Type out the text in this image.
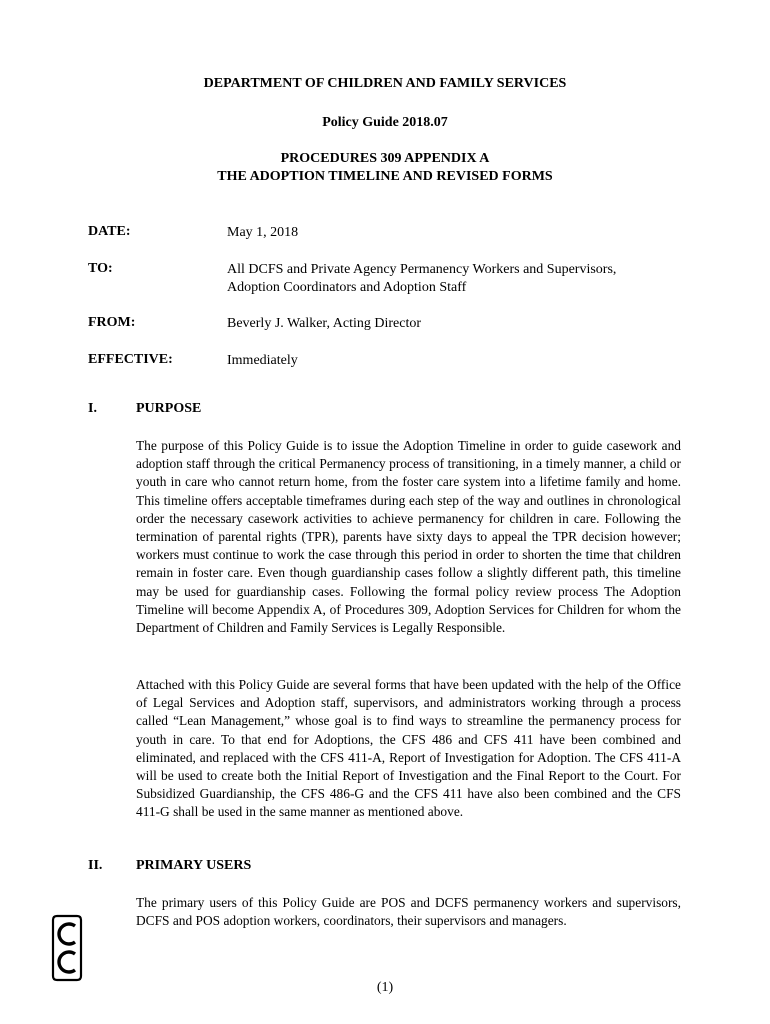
DEPARTMENT OF CHILDREN AND FAMILY SERVICES
Policy Guide 2018.07
PROCEDURES 309 APPENDIX A
THE ADOPTION TIMELINE AND REVISED FORMS
DATE:	May 1, 2018
TO:	All DCFS and Private Agency Permanency Workers and Supervisors,
Adoption Coordinators and Adoption Staff
FROM:	Beverly J. Walker, Acting Director
EFFECTIVE:	Immediately
I.	PURPOSE

The purpose of this Policy Guide is to issue the Adoption Timeline in order to guide casework and adoption staff through the critical Permanency process of transitioning, in a timely manner, a child or youth in care who cannot return home, from the foster care system into a lifetime family and home. This timeline offers acceptable timeframes during each step of the way and outlines in chronological order the necessary casework activities to achieve permanency for children in care. Following the termination of parental rights (TPR), parents have sixty days to appeal the TPR decision however; workers must continue to work the case through this period in order to shorten the time that children remain in foster care. Even though guardianship cases follow a slightly different path, this timeline may be used for guardianship cases. Following the formal policy review process The Adoption Timeline will become Appendix A, of Procedures 309, Adoption Services for Children for whom the Department of Children and Family Services is Legally Responsible.

Attached with this Policy Guide are several forms that have been updated with the help of the Office of Legal Services and Adoption staff, supervisors, and administrators working through a process called “Lean Management,” whose goal is to find ways to streamline the permanency process for youth in care. To that end for Adoptions, the CFS 486 and CFS 411 have been combined and eliminated, and replaced with the CFS 411-A, Report of Investigation for Adoption. The CFS 411-A will be used to create both the Initial Report of Investigation and the Final Report to the Court. For Subsidized Guardianship, the CFS 486-G and the CFS 411 have also been combined and the CFS 411-G shall be used in the same manner as mentioned above.

II. PRIMARY USERS

The primary users of this Policy Guide are POS and DCFS permanency workers and supervisors, DCFS and POS adoption workers, coordinators, their supervisors and managers.

(1)
